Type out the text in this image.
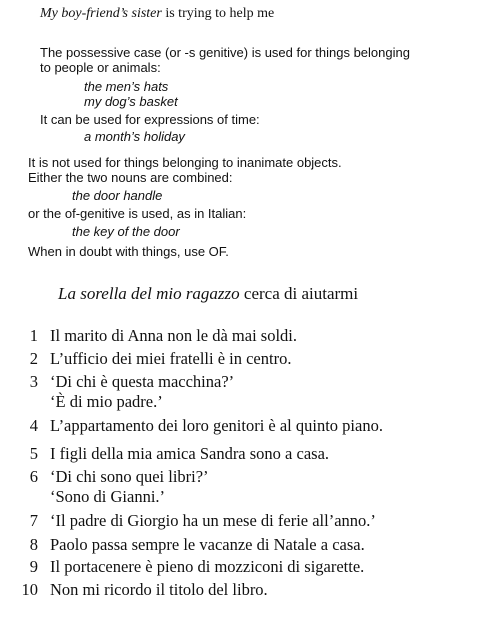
My boy-friend’s sister is trying to help me
The possessive case (or -s genitive) is used for things belonging
to people or animals:
the men’s hats
my dog’s basket
It can be used for expressions of time:
a month’s holiday
It is not used for things belonging to inanimate objects.
Either the two nouns are combined:
the door handle
or the of-genitive is used, as in Italian:
the key of the door
When in doubt with things, use OF.
La sorella del mio ragazzo cerca di aiutarmi
1 Il marito di Anna non le dà mai soldi.
2 L’ufficio dei miei fratelli è in centro.
3 ‘Di chi è questa macchina?’
‘È di mio padre.’
4 L’appartamento dei loro genitori è al quinto piano.
5 I figli della mia amica Sandra sono a casa.
6 ‘Di chi sono quei libri?’
‘Sono di Gianni.’
7 ‘Il padre di Giorgio ha un mese di ferie all’anno.’
8 Paolo passa sempre le vacanze di Natale a casa.
9 Il portacenere è pieno di mozziconi di sigarette.
10 Non mi ricordo il titolo del libro.
